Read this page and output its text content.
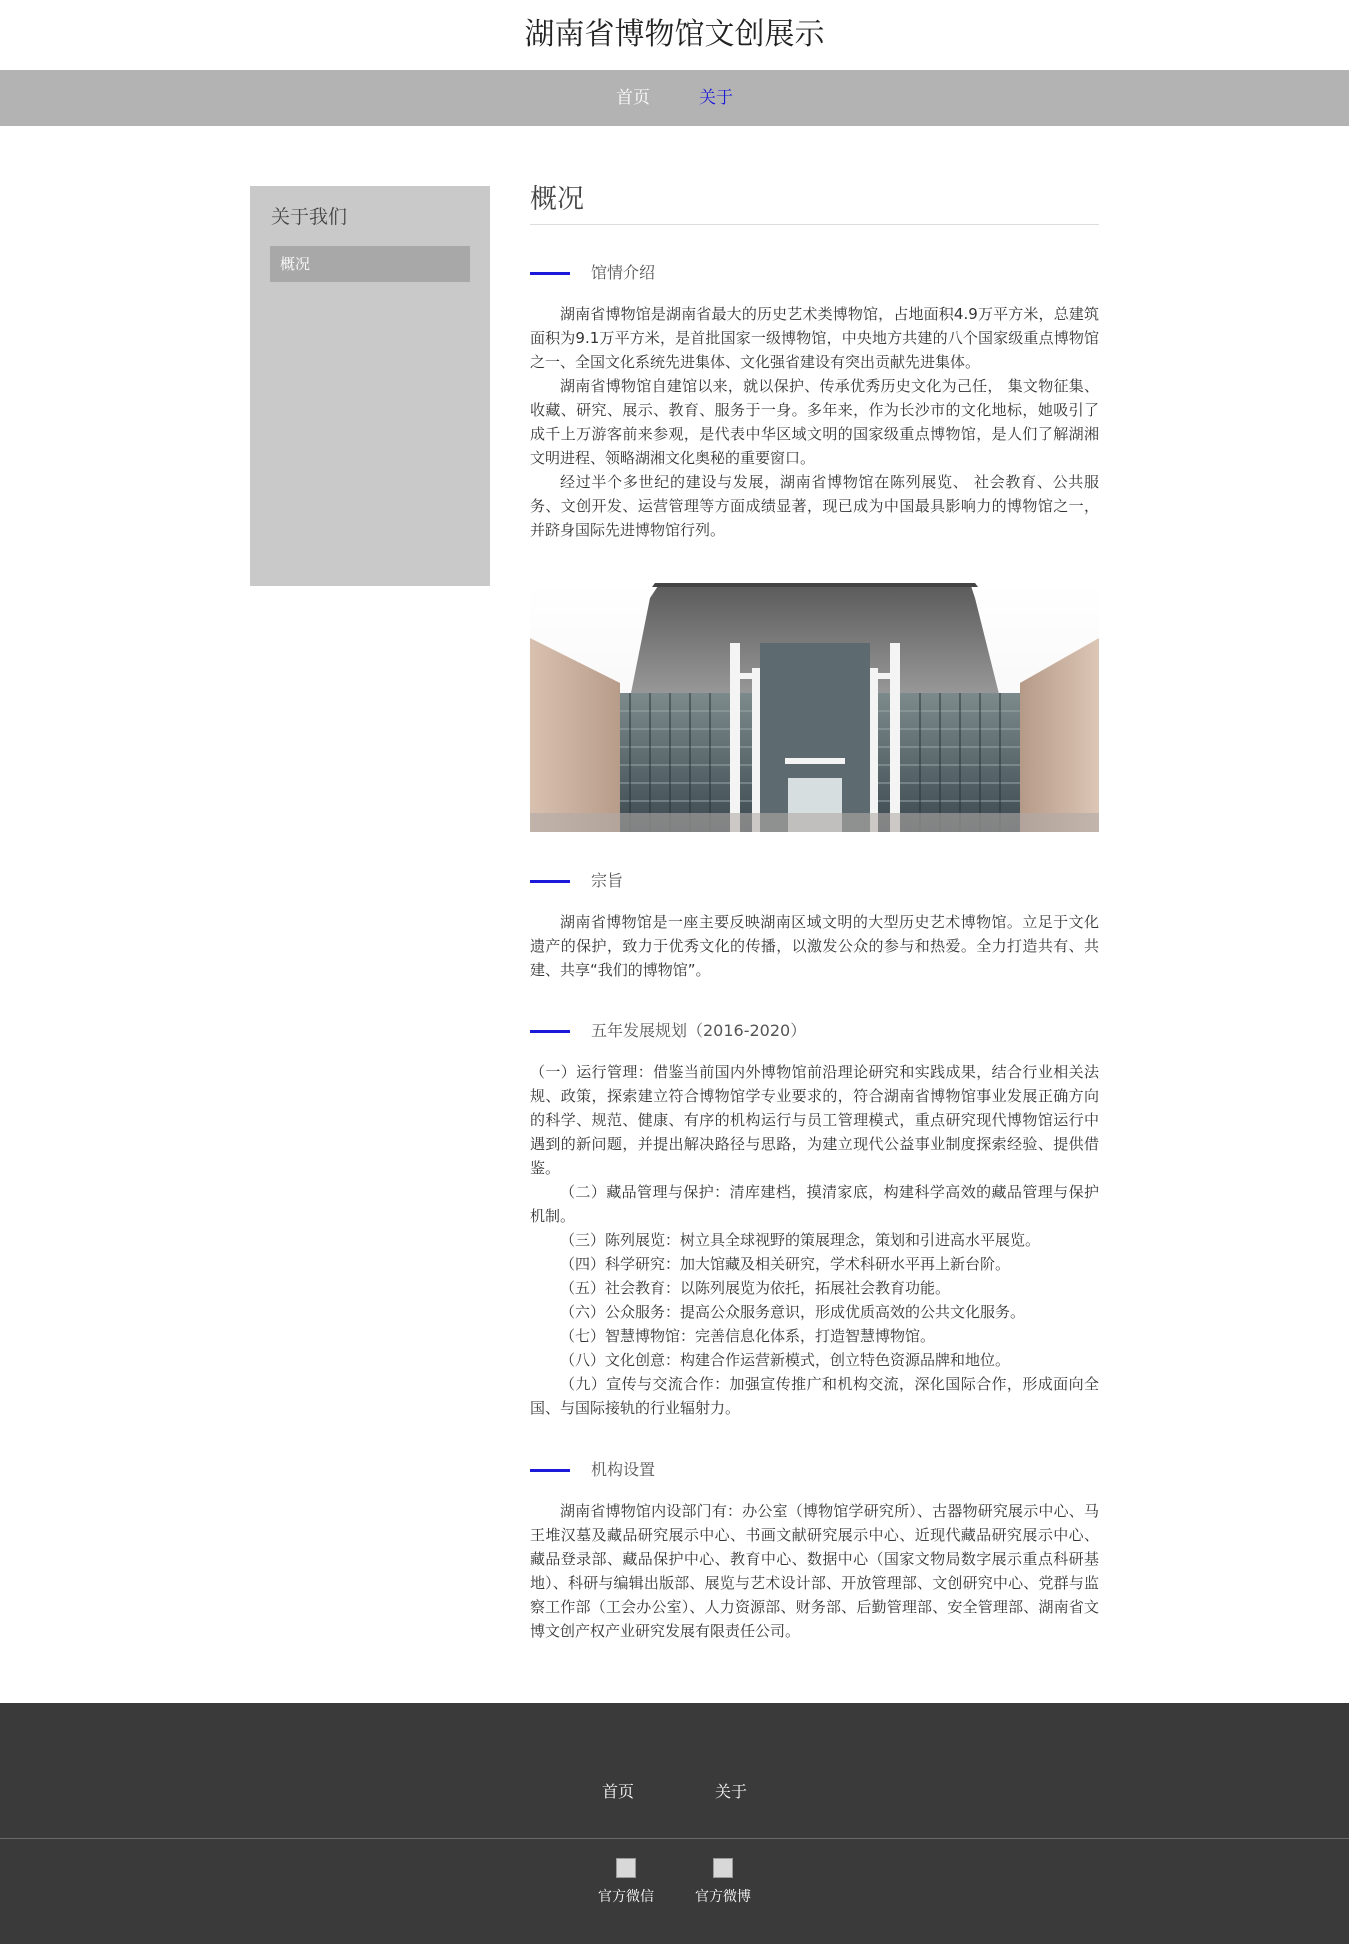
湖南省博物馆文创展示
首页	关于
关于我们
概况
概况
馆情介绍

湖南省博物馆是湖南省最大的历史艺术类博物馆，占地面积4.9万平方米，总建筑面积为9.1万平方米，是首批国家一级博物馆，中央地方共建的八个国家级重点博物馆之一、全国文化系统先进集体、文化强省建设有突出贡献先进集体。

湖南省博物馆自建馆以来，就以保护、传承优秀历史文化为己任， 集文物征集、收藏、研究、展示、教育、服务于一身。多年来，作为长沙市的文化地标，她吸引了成千上万游客前来参观，是代表中华区域文明的国家级重点博物馆，是人们了解湖湘文明进程、领略湖湘文化奥秘的重要窗口。

经过半个多世纪的建设与发展，湖南省博物馆在陈列展览、 社会教育、公共服务、文创开发、运营管理等方面成绩显著，现已成为中国最具影响力的博物馆之一，并跻身国际先进博物馆行列。

宗旨

湖南省博物馆是一座主要反映湖南区域文明的大型历史艺术博物馆。立足于文化遗产的保护，致力于优秀文化的传播，以激发公众的参与和热爱。全力打造共有、共建、共享“我们的博物馆”。

五年发展规划（2016-2020）

（一）运行管理：借鉴当前国内外博物馆前沿理论研究和实践成果，结合行业相关法规、政策，探索建立符合博物馆学专业要求的，符合湖南省博物馆事业发展正确方向的科学、规范、健康、有序的机构运行与员工管理模式，重点研究现代博物馆运行中遇到的新问题，并提出解决路径与思路，为建立现代公益事业制度探索经验、提供借鉴。

（二）藏品管理与保护：清库建档，摸清家底，构建科学高效的藏品管理与保护机制。

（三）陈列展览：树立具全球视野的策展理念，策划和引进高水平展览。

（四）科学研究：加大馆藏及相关研究，学术科研水平再上新台阶。

（五）社会教育：以陈列展览为依托，拓展社会教育功能。

（六）公众服务：提高公众服务意识，形成优质高效的公共文化服务。

（七）智慧博物馆：完善信息化体系，打造智慧博物馆。

（八）文化创意：构建合作运营新模式，创立特色资源品牌和地位。

（九）宣传与交流合作：加强宣传推广和机构交流，深化国际合作，形成面向全国、与国际接轨的行业辐射力。

机构设置

湖南省博物馆内设部门有：办公室（博物馆学研究所）、古器物研究展示中心、马王堆汉墓及藏品研究展示中心、书画文献研究展示中心、近现代藏品研究展示中心、藏品登录部、藏品保护中心、教育中心、数据中心（国家文物局数字展示重点科研基地）、科研与编辑出版部、展览与艺术设计部、开放管理部、文创研究中心、党群与监察工作部（工会办公室）、人力资源部、财务部、后勤管理部、安全管理部、湖南省文博文创产权产业研究发展有限责任公司。

首页	关于
官方微信	官方微博
